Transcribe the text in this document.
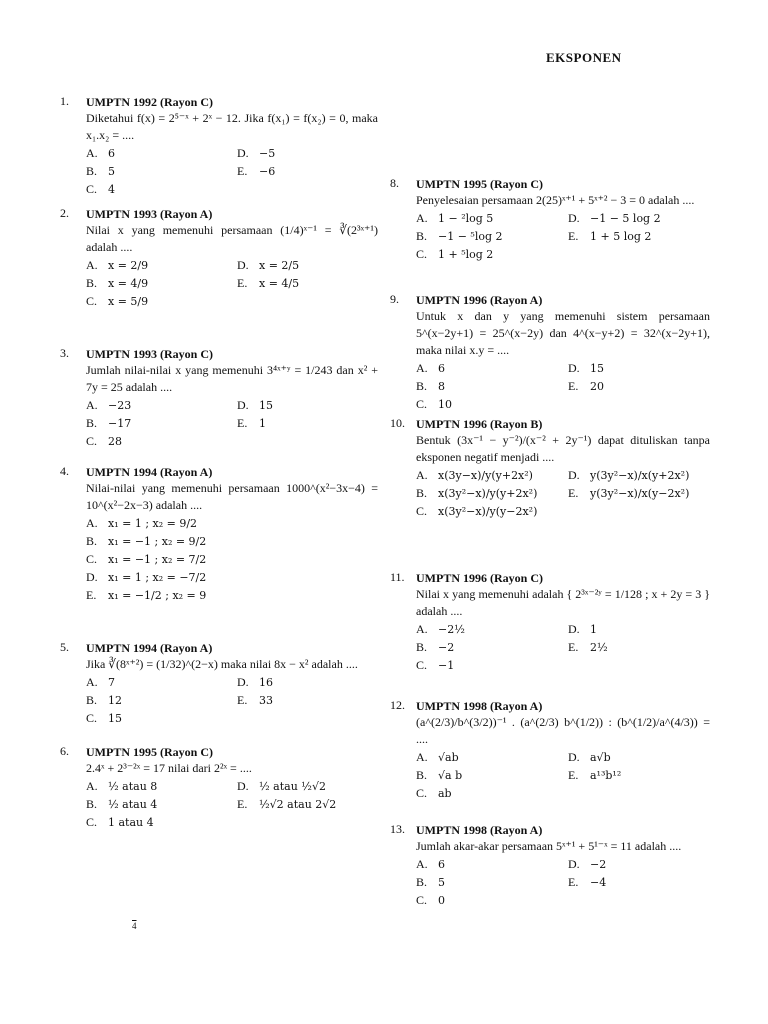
EKSPONEN
1.	UMPTN 1992 (Rayon C)
Diketahui f(x) = 2⁵⁻ˣ + 2ˣ − 12. Jika f(x₁) = f(x₂) = 0, maka x₁.x₂ = ....
A. 6	D. −5
B. 5	E.	−6
C. 4
2.	UMPTN 1993 (Rayon A)
Nilai x yang memenuhi persamaan (1/4)ˣ⁻¹ = ∛(2³ˣ⁺¹) adalah ....
A. x = 2/9	D. x = 2/5
B. x = 4/9	E.	x = 4/5
C. x = 5/9
3.	UMPTN 1993 (Rayon C)
Jumlah nilai-nilai x yang memenuhi 3⁴ˣ⁺ʸ = 1/243 dan x² + 7y = 25 adalah ....
A. −23	D. 15
B. −17	E.	1
C. 28
4.	UMPTN 1994 (Rayon A)
Nilai-nilai yang memenuhi persamaan 1000^(x²−3x−4) = 10^(x²−2x−3) adalah ....
A. x₁ = 1 ; x₂ = 9/2
B. x₁ = −1 ; x₂ = 9/2
C. x₁ = −1 ; x₂ = 7/2
D. x₁ = 1 ; x₂ = −7/2
E.	x₁ = −1/2 ; x₂ = 9
5.	UMPTN 1994 (Rayon A)
Jika ∛(8ˣ⁺²) = (1/32)^(2−x) maka nilai 8x − x² adalah ....
A. 7	D. 16
B. 12	E.	33
C. 15
6.	UMPTN 1995 (Rayon C)
2.4ˣ + 2³⁻²ˣ = 17 nilai dari 2²ˣ = ....
A. ½ atau 8	D. ½ atau ½√2
B. ½ atau 4	E.	½√2 atau 2√2
C. 1 atau 4
8.	UMPTN 1995 (Rayon C)
Penyelesaian persamaan 2(25)ˣ⁺¹ + 5ˣ⁺² − 3 = 0 adalah ....
A. 1 − ²log 5	D. −1 − 5 log 2
B. −1 − ⁵log 2	E.	1 + 5 log 2
C. 1 + ⁵log 2
9.	UMPTN 1996 (Rayon A)
Untuk x dan y yang memenuhi sistem persamaan 5^(x−2y+1) = 25^(x−2y) dan 4^(x−y+2) = 32^(x−2y+1), maka nilai x.y = ....
A. 6	D. 15
B. 8	E.	20
C. 10
10. UMPTN 1996 (Rayon B)
Bentuk (3x⁻¹ − y⁻²)/(x⁻² + 2y⁻¹) dapat dituliskan tanpa eksponen negatif menjadi ....
A. x(3y−x)/y(y+2x²)	D. y(3y²−x)/x(y+2x²)
B. x(3y²−x)/y(y+2x²)	E.	y(3y²−x)/x(y−2x²)
C. x(3y²−x)/y(y−2x²)
11. UMPTN 1996 (Rayon C)
Nilai x yang memenuhi adalah { 2³ˣ⁻²ʸ = 1/128 ; x + 2y = 3 } adalah ....
A. −2½	D. 1
B. −2	E.	2½
C. −1
12. UMPTN 1998 (Rayon A)
(a^(2/3)/b^(3/2))⁻¹ . (a^(2/3) b^(1/2)) : (b^(1/2)/a^(4/3)) = ....
A. √ab	D. a√b
B. √a b	E.	a¹³b¹²
C. ab
13. UMPTN 1998 (Rayon A)
Jumlah akar-akar persamaan 5ˣ⁺¹ + 5¹⁻ˣ = 11 adalah ....
A. 6	D. −2
B. 5	E.	−4
C. 0
4
